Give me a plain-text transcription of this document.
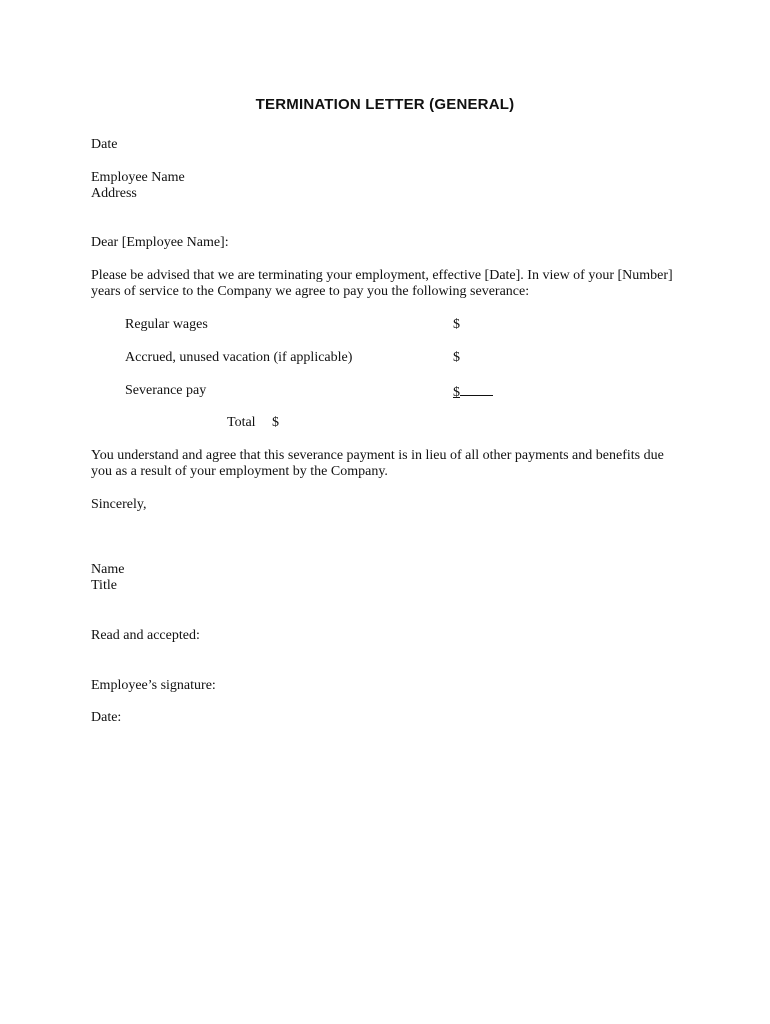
TERMINATION LETTER (GENERAL)
Date
Employee Name
Address
Dear [Employee Name]:
Please be advised that we are terminating your employment, effective [Date]. In view of your [Number]
years of service to the Company we agree to pay you the following severance:
Regular wages	$
Accrued, unused vacation (if applicable)	$
Severance pay	$
Total $
You understand and agree that this severance payment is in lieu of all other payments and benefits due
you as a result of your employment by the Company.
Sincerely,
Name
Title
Read and accepted:
Employee’s signature:
Date:
